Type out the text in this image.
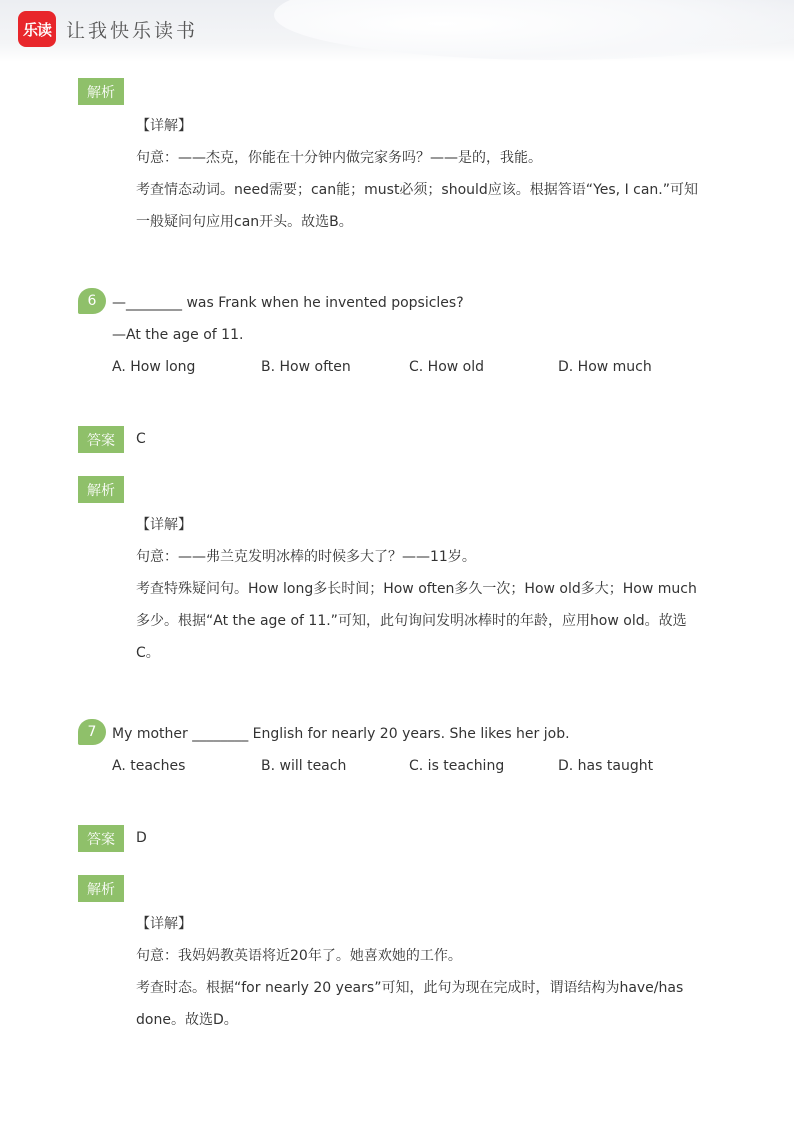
乐读 让我快乐读书
解析
【详解】
句意：——杰克，你能在十分钟内做完家务吗？——是的，我能。
考查情态动词。need需要；can能；must必须；should应该。根据答语“Yes, I can.”可知
一般疑问句应用can开头。故选B。
6	—________ was Frank when he invented popsicles?
—At the age of 11.
A. How long	B. How often	C. How old	D. How much
答案	C
解析
【详解】
句意：——弗兰克发明冰棒的时候多大了？——11岁。
考查特殊疑问句。How long多长时间；How often多久一次；How old多大；How much
多少。根据“At the age of 11.”可知，此句询问发明冰棒时的年龄，应用how old。故选
C。
7	My mother ________ English for nearly 20 years. She likes her job.
A. teaches	B. will teach	C. is teaching	D. has taught
答案	D
解析
【详解】
句意：我妈妈教英语将近20年了。她喜欢她的工作。
考查时态。根据“for nearly 20 years”可知，此句为现在完成时，谓语结构为have/has
done。故选D。
